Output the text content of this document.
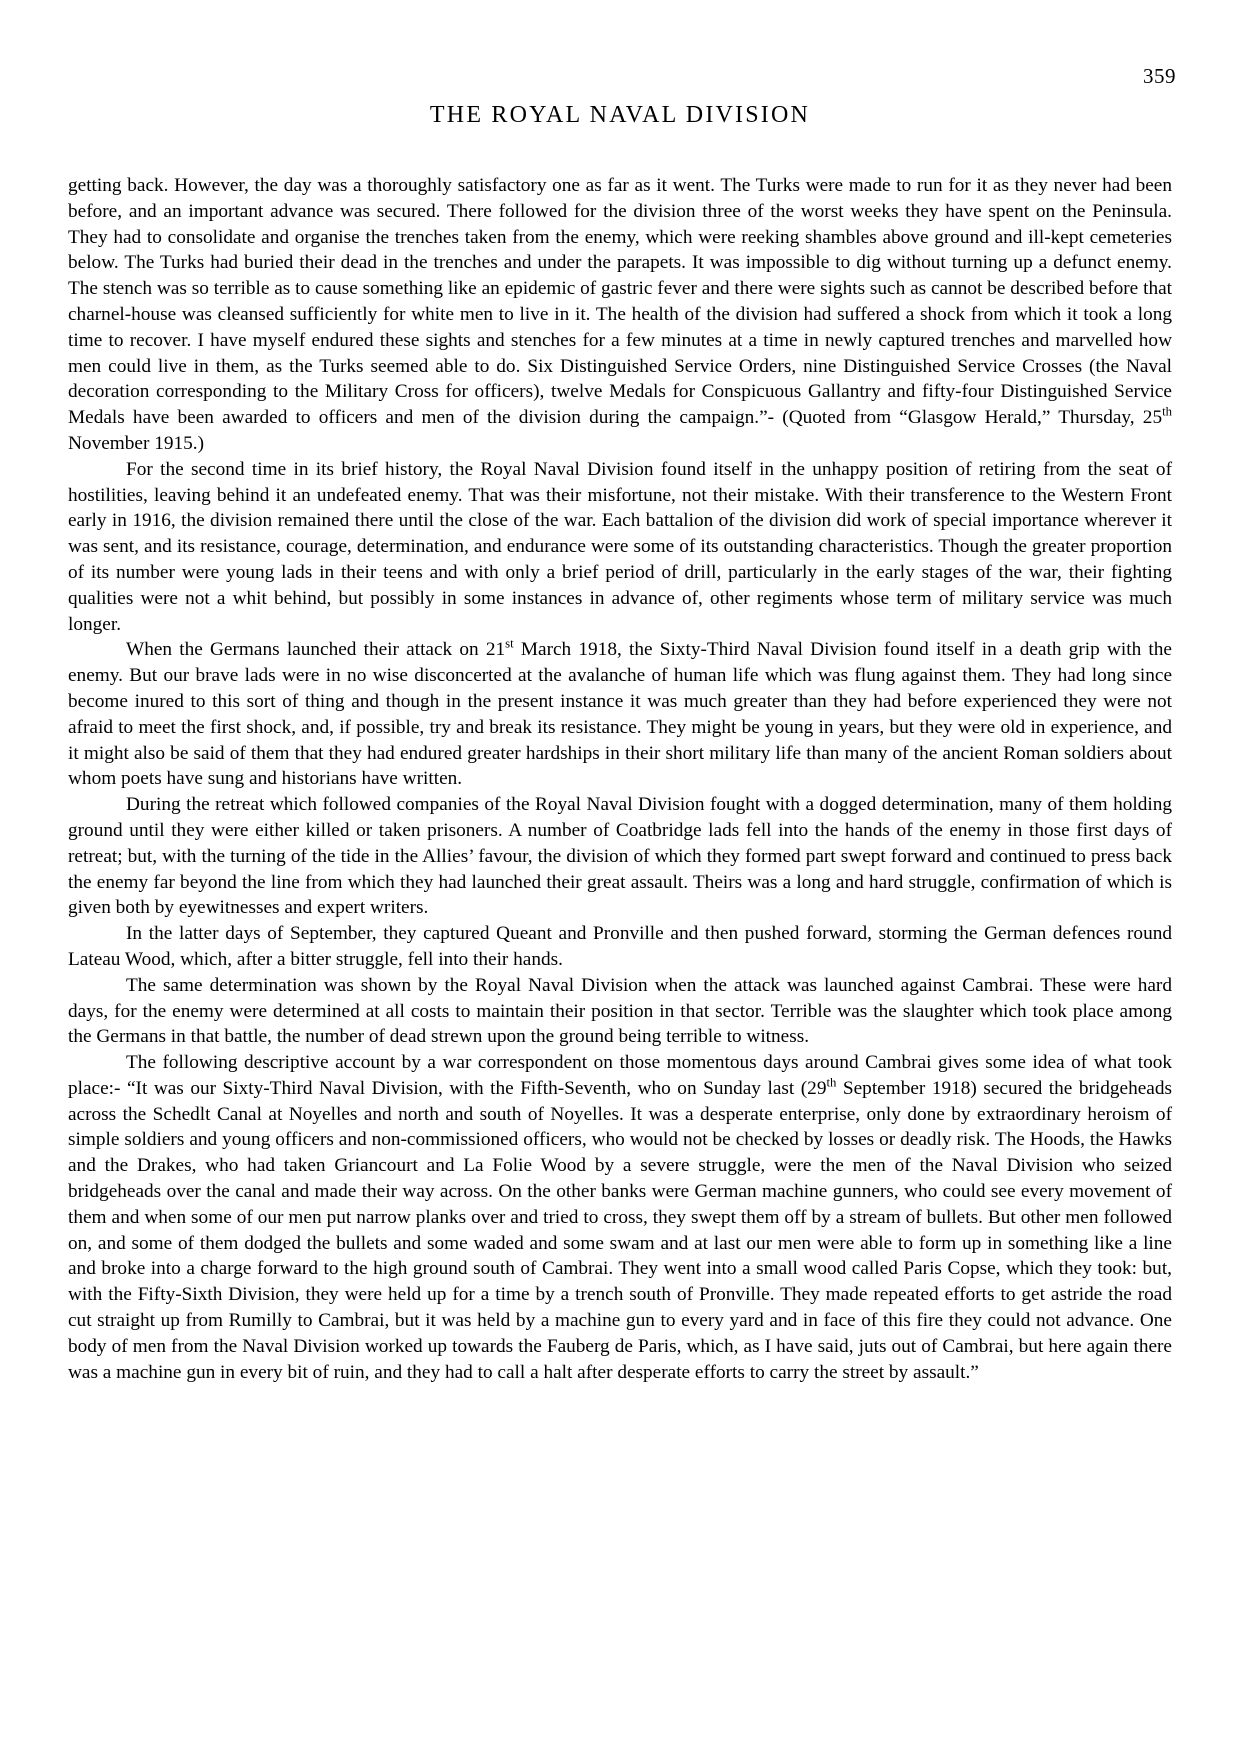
359
THE ROYAL NAVAL DIVISION

getting back. However, the day was a thoroughly satisfactory one as far as it went. The Turks were made to run for it as they never had been before, and an important advance was secured. There followed for the division three of the worst weeks they have spent on the Peninsula. They had to consolidate and organise the trenches taken from the enemy, which were reeking shambles above ground and ill-kept cemeteries below. The Turks had buried their dead in the trenches and under the parapets. It was impossible to dig without turning up a defunct enemy. The stench was so terrible as to cause something like an epidemic of gastric fever and there were sights such as cannot be described before that charnel-house was cleansed sufficiently for white men to live in it. The health of the division had suffered a shock from which it took a long time to recover. I have myself endured these sights and stenches for a few minutes at a time in newly captured trenches and marvelled how men could live in them, as the Turks seemed able to do. Six Distinguished Service Orders, nine Distinguished Service Crosses (the Naval decoration corresponding to the Military Cross for officers), twelve Medals for Conspicuous Gallantry and fifty-four Distinguished Service Medals have been awarded to officers and men of the division during the campaign.”- (Quoted from “Glasgow Herald,” Thursday, 25th November 1915.)

For the second time in its brief history, the Royal Naval Division found itself in the unhappy position of retiring from the seat of hostilities, leaving behind it an undefeated enemy. That was their misfortune, not their mistake. With their transference to the Western Front early in 1916, the division remained there until the close of the war. Each battalion of the division did work of special importance wherever it was sent, and its resistance, courage, determination, and endurance were some of its outstanding characteristics. Though the greater proportion of its number were young lads in their teens and with only a brief period of drill, particularly in the early stages of the war, their fighting qualities were not a whit behind, but possibly in some instances in advance of, other regiments whose term of military service was much longer.

When the Germans launched their attack on 21st March 1918, the Sixty-Third Naval Division found itself in a death grip with the enemy. But our brave lads were in no wise disconcerted at the avalanche of human life which was flung against them. They had long since become inured to this sort of thing and though in the present instance it was much greater than they had before experienced they were not afraid to meet the first shock, and, if possible, try and break its resistance. They might be young in years, but they were old in experience, and it might also be said of them that they had endured greater hardships in their short military life than many of the ancient Roman soldiers about whom poets have sung and historians have written.

During the retreat which followed companies of the Royal Naval Division fought with a dogged determination, many of them holding ground until they were either killed or taken prisoners. A number of Coatbridge lads fell into the hands of the enemy in those first days of retreat; but, with the turning of the tide in the Allies’ favour, the division of which they formed part swept forward and continued to press back the enemy far beyond the line from which they had launched their great assault. Theirs was a long and hard struggle, confirmation of which is given both by eyewitnesses and expert writers.

In the latter days of September, they captured Queant and Pronville and then pushed forward, storming the German defences round Lateau Wood, which, after a bitter struggle, fell into their hands.

The same determination was shown by the Royal Naval Division when the attack was launched against Cambrai. These were hard days, for the enemy were determined at all costs to maintain their position in that sector. Terrible was the slaughter which took place among the Germans in that battle, the number of dead strewn upon the ground being terrible to witness.

The following descriptive account by a war correspondent on those momentous days around Cambrai gives some idea of what took place:- “It was our Sixty-Third Naval Division, with the Fifth-Seventh, who on Sunday last (29th September 1918) secured the bridgeheads across the Schedlt Canal at Noyelles and north and south of Noyelles. It was a desperate enterprise, only done by extraordinary heroism of simple soldiers and young officers and non-commissioned officers, who would not be checked by losses or deadly risk. The Hoods, the Hawks and the Drakes, who had taken Griancourt and La Folie Wood by a severe struggle, were the men of the Naval Division who seized bridgeheads over the canal and made their way across. On the other banks were German machine gunners, who could see every movement of them and when some of our men put narrow planks over and tried to cross, they swept them off by a stream of bullets. But other men followed on, and some of them dodged the bullets and some waded and some swam and at last our men were able to form up in something like a line and broke into a charge forward to the high ground south of Cambrai. They went into a small wood called Paris Copse, which they took: but, with the Fifty-Sixth Division, they were held up for a time by a trench south of Pronville. They made repeated efforts to get astride the road cut straight up from Rumilly to Cambrai, but it was held by a machine gun to every yard and in face of this fire they could not advance. One body of men from the Naval Division worked up towards the Fauberg de Paris, which, as I have said, juts out of Cambrai, but here again there was a machine gun in every bit of ruin, and they had to call a halt after desperate efforts to carry the street by assault.”
